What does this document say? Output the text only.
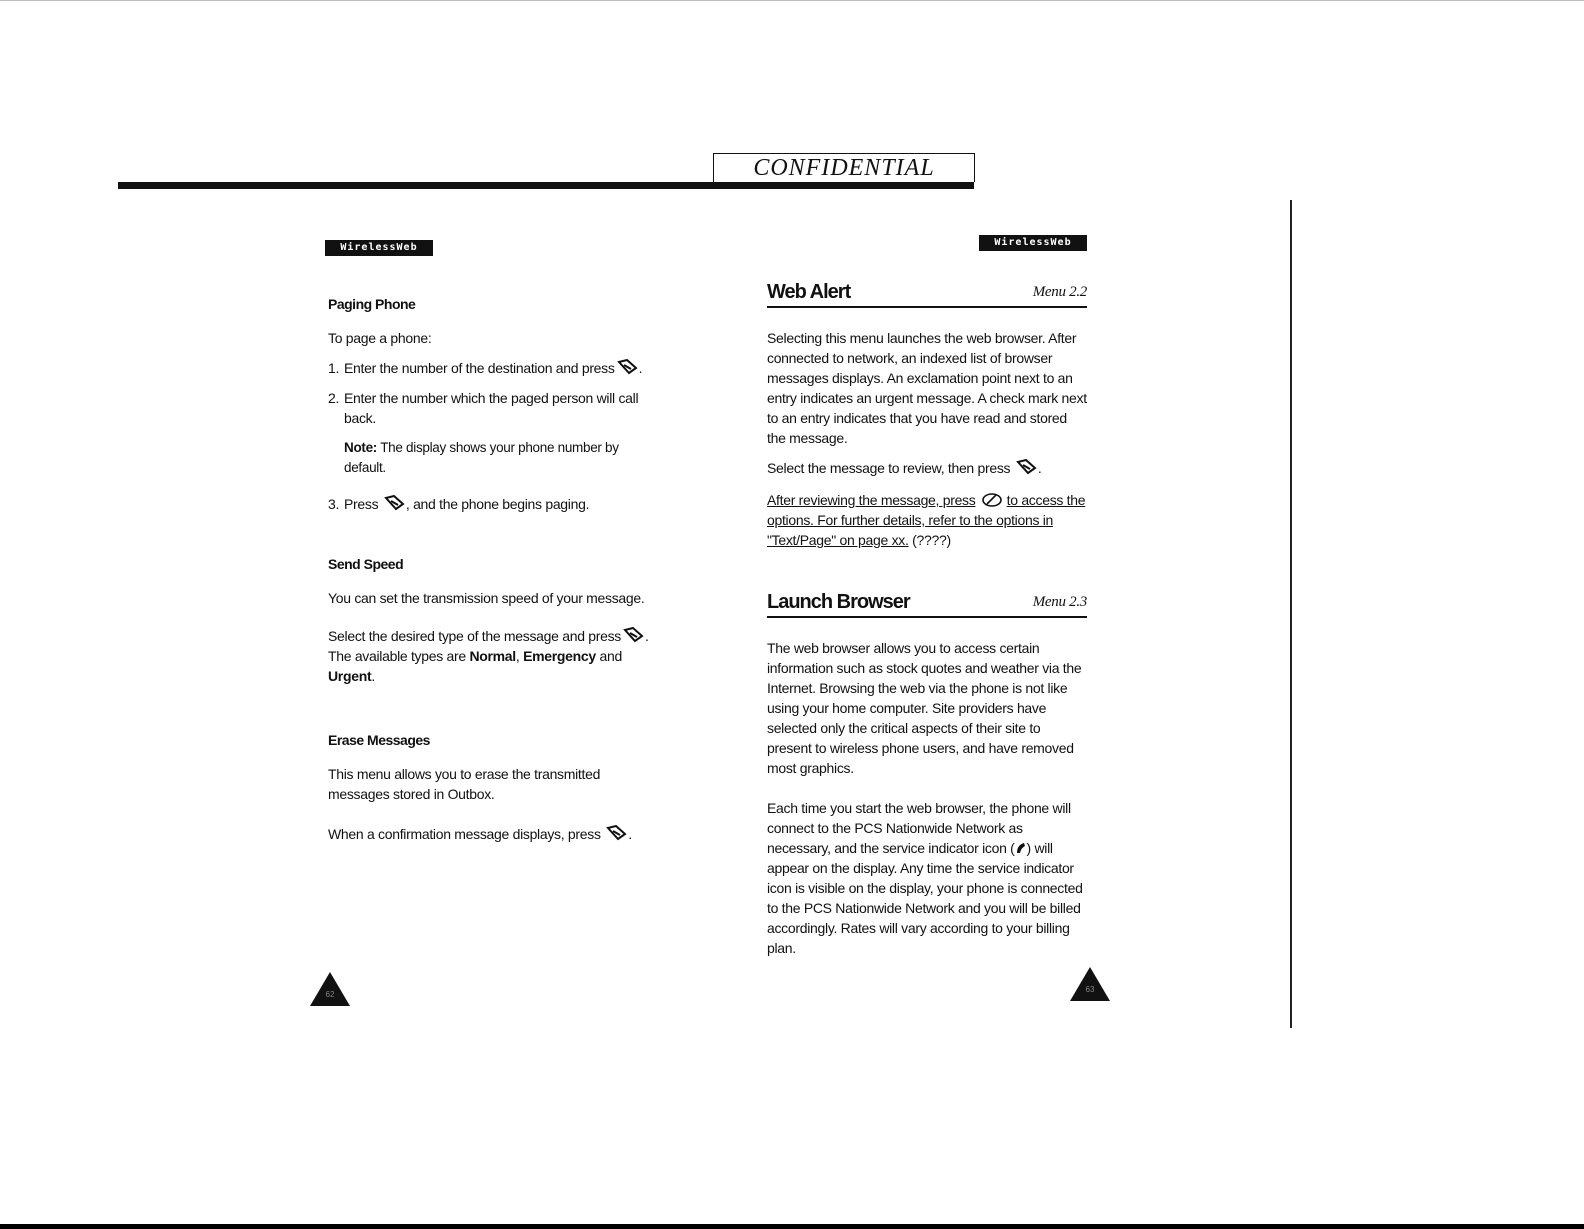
CONFIDENTIAL
WirelessWeb	WirelessWeb
Paging Phone

To page a phone:

1. Enter the number of the destination and press .
2. Enter the number which the paged person will call back.
Note: The display shows your phone number by default.
3. Press , and the phone begins paging.
Send Speed

You can set the transmission speed of your message.

Select the desired type of the message and press . The available types are Normal, Emergency and Urgent.

Erase Messages

This menu allows you to erase the transmitted messages stored in Outbox.

When a confirmation message displays, press .

Web Alert	Menu 2.2

Selecting this menu launches the web browser. After connected to network, an indexed list of browser messages displays. An exclamation point next to an entry indicates an urgent message. A check mark next to an entry indicates that you have read and stored the message.

Select the message to review, then press .

After reviewing the message, press to access the options. For further details, refer to the options in "Text/Page" on page xx. (????)

Launch Browser	Menu 2.3

The web browser allows you to access certain information such as stock quotes and weather via the Internet. Browsing the web via the phone is not like using your home computer. Site providers have selected only the critical aspects of their site to present to wireless phone users, and have removed most graphics.

Each time you start the web browser, the phone will connect to the PCS Nationwide Network as necessary, and the service indicator icon ( ) will appear on the display. Any time the service indicator icon is visible on the display, your phone is connected to the PCS Nationwide Network and you will be billed accordingly. Rates will vary according to your billing plan.

62
63
